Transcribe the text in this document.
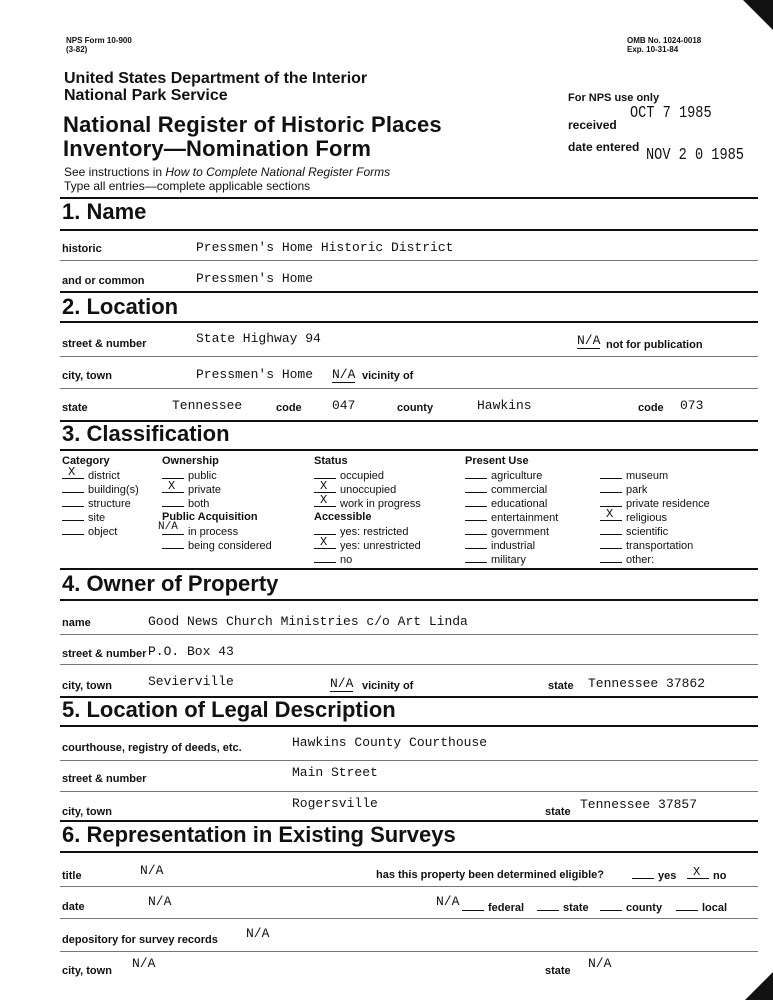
NPS Form 10-900
(3-82)
OMB No. 1024-0018
Exp. 10-31-84
United States Department of the Interior
National Park Service
National Register of Historic Places
Inventory—Nomination Form
See instructions in How to Complete National Register Forms
Type all entries—complete applicable sections
For NPS use only
received
OCT 7 1985
date entered NOV 2 0 1985
1. Name
historic	Pressmen's Home Historic District
and or common	Pressmen's Home
2. Location
street & number	State Highway 94	N/A not for publication
city, town	Pressmen's Home N/A vicinity of
state	Tennessee	code 047	county	Hawkins	code 073
3. Classification
Category
X district
building(s)
structure
site
object
Ownership
public
X private
both
Public Acquisition
N/A in process
being considered
Status
occupied
X unoccupied
X work in progress
Accessible
yes: restricted
X yes: unrestricted
no
Present Use
agriculture
commercial
educational
entertainment
government
industrial
military
museum
park
private residence
X religious
scientific
transportation
other:
4. Owner of Property
name	Good News Church Ministries c/o Art Linda
street & number P.O. Box 43
city, town	Sevierville	N/A vicinity of	state Tennessee 37862
5. Location of Legal Description
courthouse, registry of deeds, etc.	Hawkins County Courthouse
street & number	Main Street
city, town
Rogersville
state Tennessee 37857
6. Representation in Existing Surveys
title	N/A	has this property been determined eligible?	yes X no
date	N/A	N/A	federal	state	county	local
depository for survey records N/A
city, town N/A	state N/A
